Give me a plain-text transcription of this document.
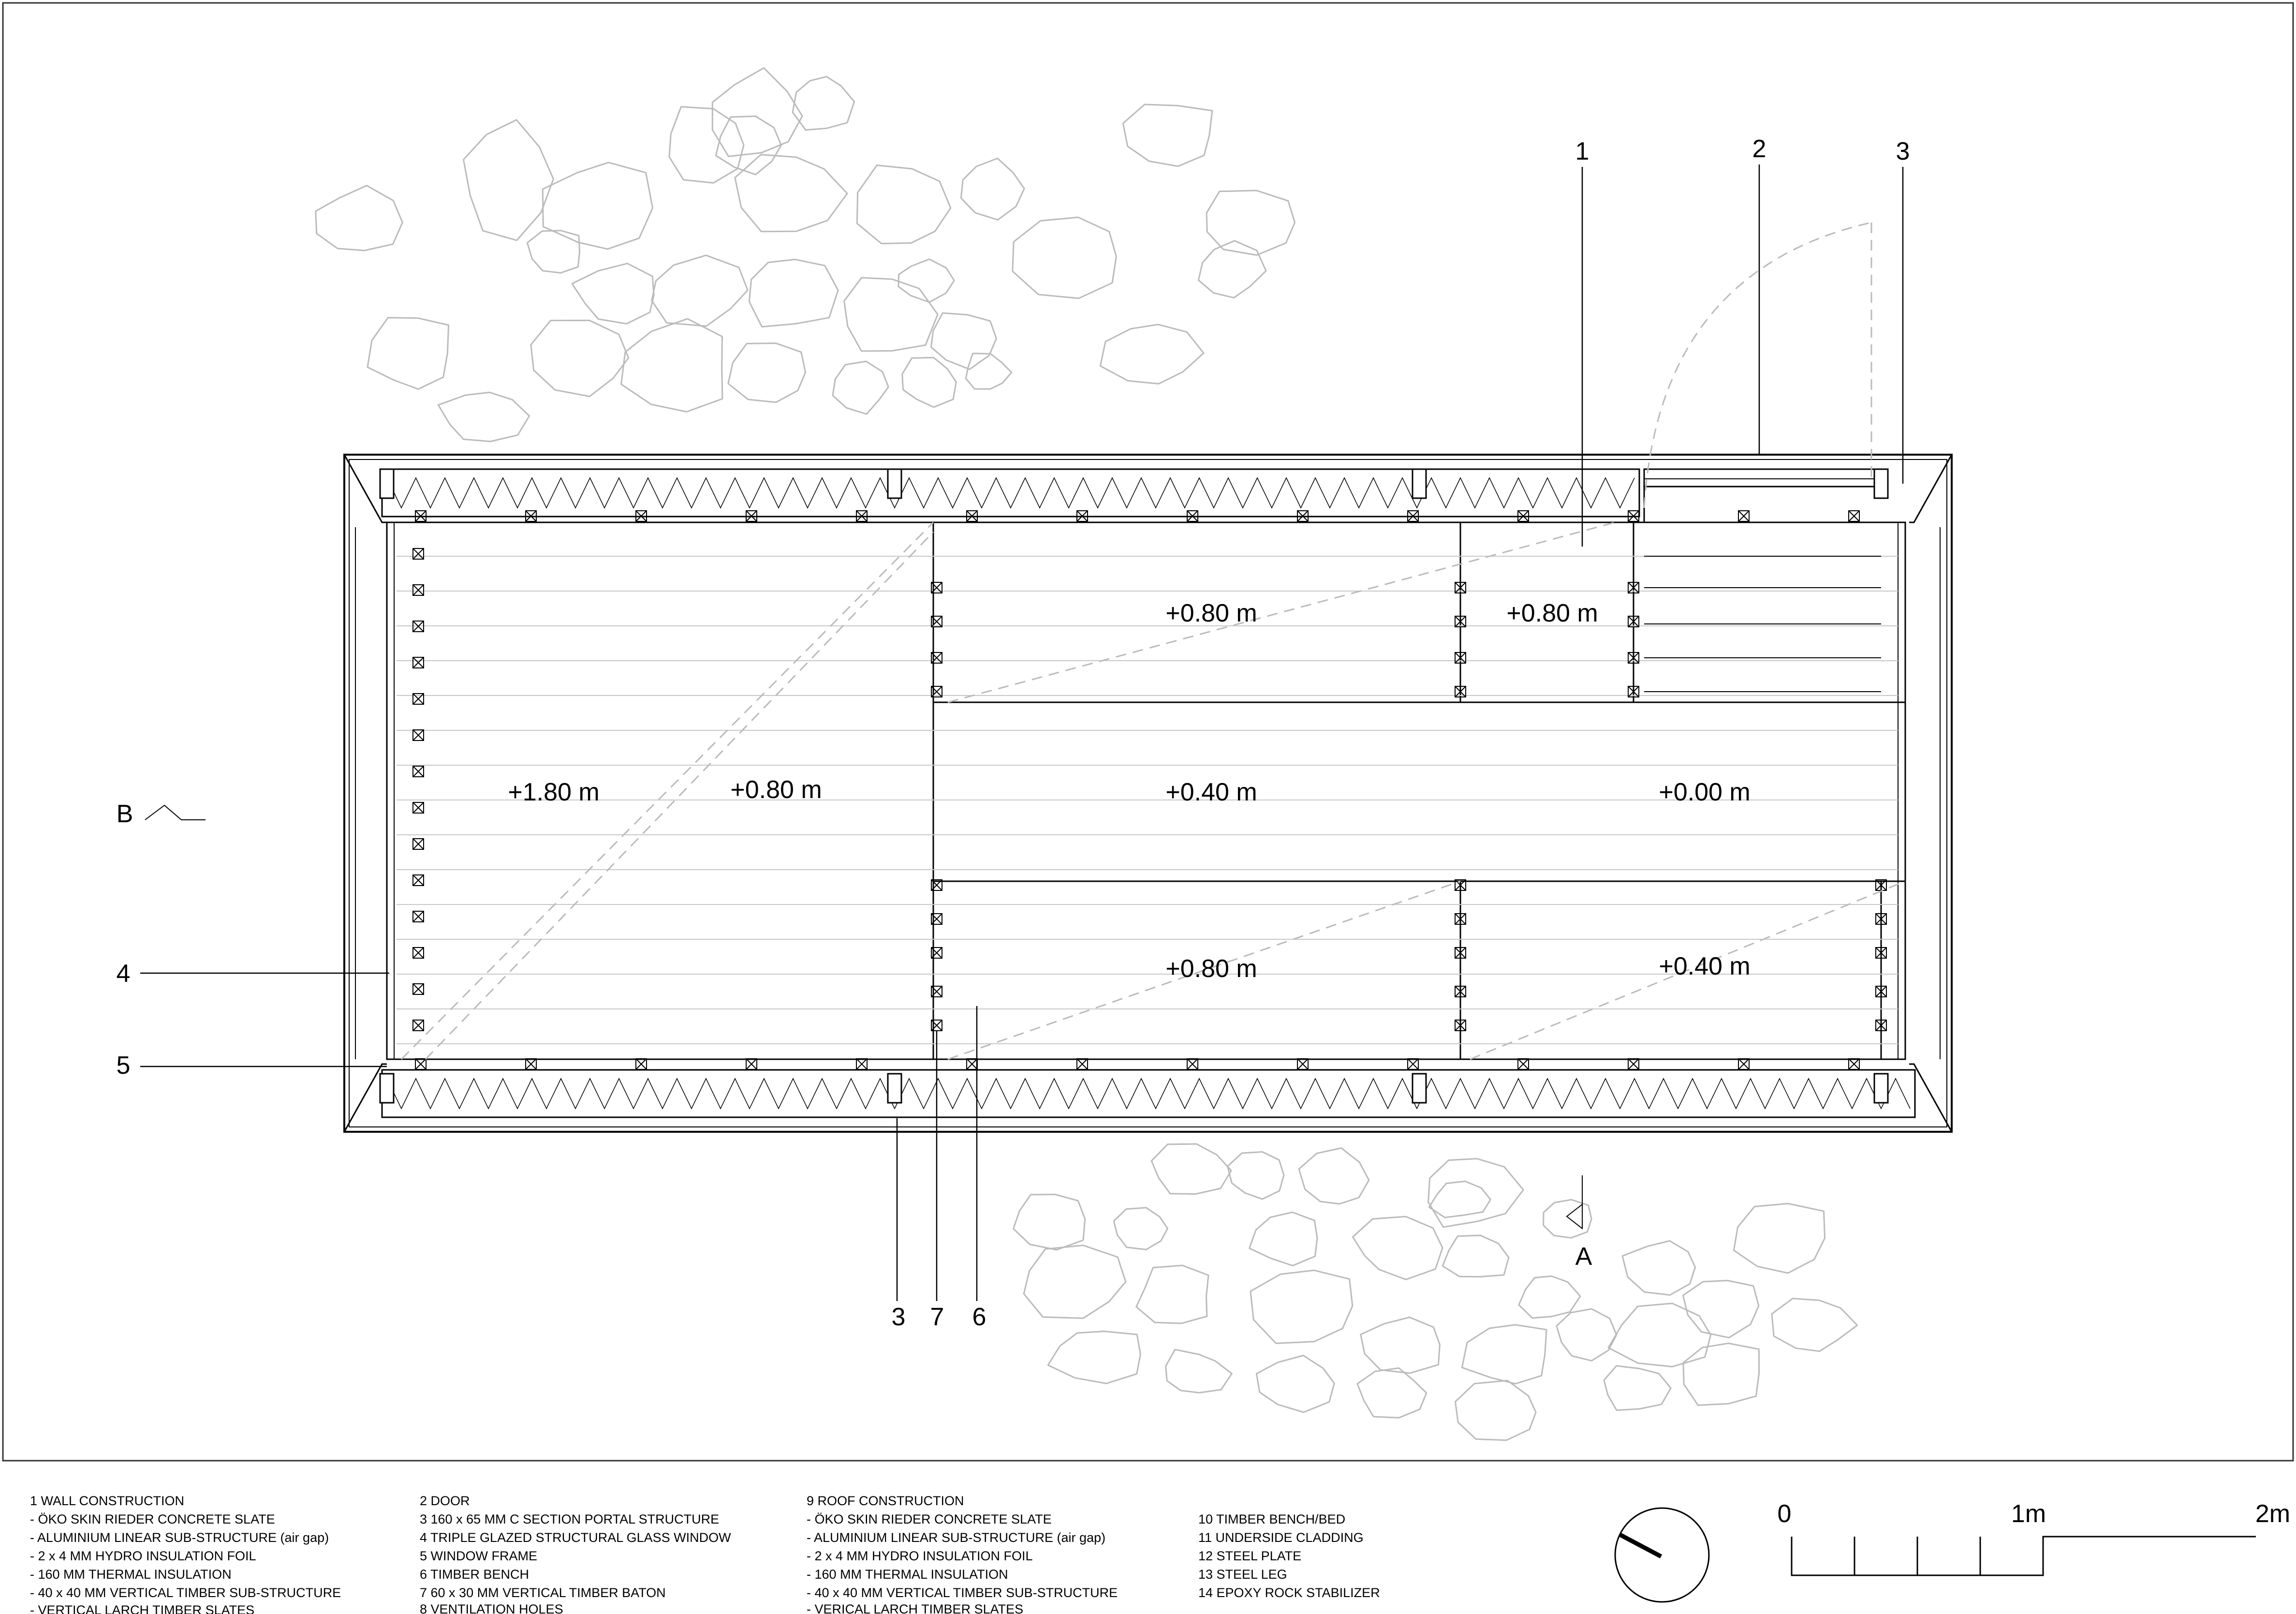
1	2	3
3 7 6
4
5
B
A
+0.80 m	+0.80 m
+1.80 m	+0.80 m	+0.40 m	+0.00 m
+0.80 m	+0.40 m
1 WALL CONSTRUCTION
- ÖKO SKIN RIEDER CONCRETE SLATE
- ALUMINIUM LINEAR SUB-STRUCTURE (air gap)
- 2 x 4 MM HYDRO INSULATION FOIL
- 160 MM THERMAL INSULATION
- 40 x 40 MM VERTICAL TIMBER SUB-STRUCTURE
- VERTICAL LARCH TIMBER SLATES
2 DOOR
3 160 x 65 MM C SECTION PORTAL STRUCTURE
4 TRIPLE GLAZED STRUCTURAL GLASS WINDOW
5 WINDOW FRAME
6 TIMBER BENCH
7 60 x 30 MM VERTICAL TIMBER BATON
8 VENTILATION HOLES
9 ROOF CONSTRUCTION
- ÖKO SKIN RIEDER CONCRETE SLATE
- ALUMINIUM LINEAR SUB-STRUCTURE (air gap)
- 2 x 4 MM HYDRO INSULATION FOIL
- 160 MM THERMAL INSULATION
- 40 x 40 MM VERTICAL TIMBER SUB-STRUCTURE
- VERICAL LARCH TIMBER SLATES
10 TIMBER BENCH/BED
11 UNDERSIDE CLADDING
12 STEEL PLATE
13 STEEL LEG
14 EPOXY ROCK STABILIZER
0	1m	2m
